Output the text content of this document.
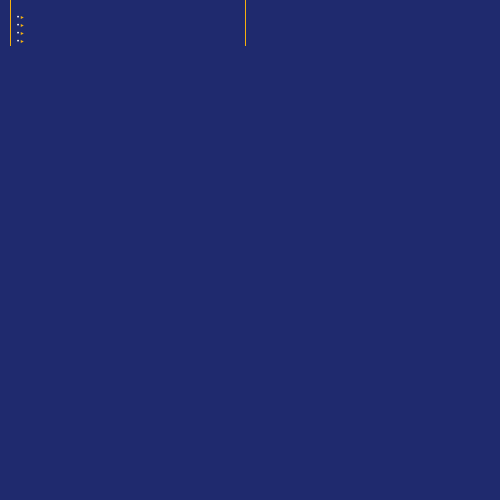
• ▸
• ▸
• ▸
• ▸
